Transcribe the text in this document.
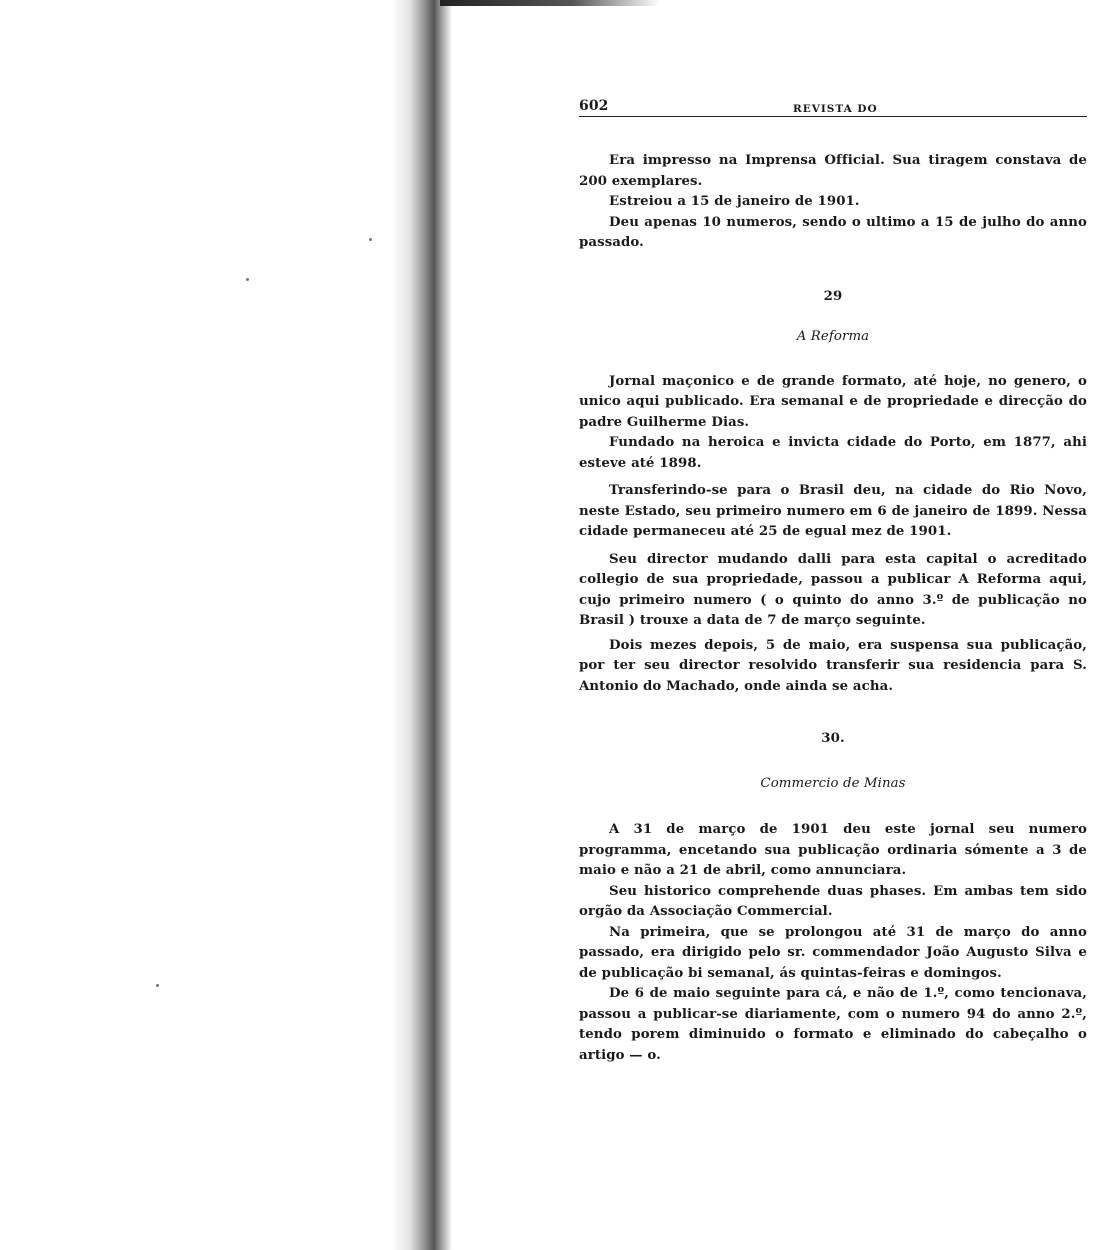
602	REVISTA DO

Era impresso na Imprensa Official. Sua tiragem constava de 200 exemplares.

Estreiou a 15 de janeiro de 1901.

Deu apenas 10 numeros, sendo o ultimo a 15 de julho do anno passado.

29

A Reforma

Jornal maçonico e de grande formato, até hoje, no genero, o unico aqui publicado. Era semanal e de propriedade e direcção do padre Guilherme Dias.

Fundado na heroica e invicta cidade do Porto, em 1877, ahi esteve até 1898.

Transferindo-se para o Brasil deu, na cidade do Rio Novo, neste Estado, seu primeiro numero em 6 de janeiro de 1899. Nessa cidade permaneceu até 25 de egual mez de 1901.

Seu director mudando dalli para esta capital o acreditado collegio de sua propriedade, passou a publicar A Reforma aqui, cujo primeiro numero ( o quinto do anno 3.º de publicação no Brasil ) trouxe a data de 7 de março seguinte.

Dois mezes depois, 5 de maio, era suspensa sua publicação, por ter seu director resolvido transferir sua residencia para S. Antonio do Machado, onde ainda se acha.

30.

Commercio de Minas

A 31 de março de 1901 deu este jornal seu numero programma, encetando sua publicação ordinaria sómente a 3 de maio e não a 21 de abril, como annunciara.

Seu historico comprehende duas phases. Em ambas tem sido orgão da Associação Commercial.

Na primeira, que se prolongou até 31 de março do anno passado, era dirigido pelo sr. commendador João Augusto Silva e de publicação bi semanal, ás quintas-feiras e domingos.

De 6 de maio seguinte para cá, e não de 1.º, como tencionava, passou a publicar-se diariamente, com o numero 94 do anno 2.º, tendo porem diminuido o formato e eliminado do cabeçalho o artigo — o.
